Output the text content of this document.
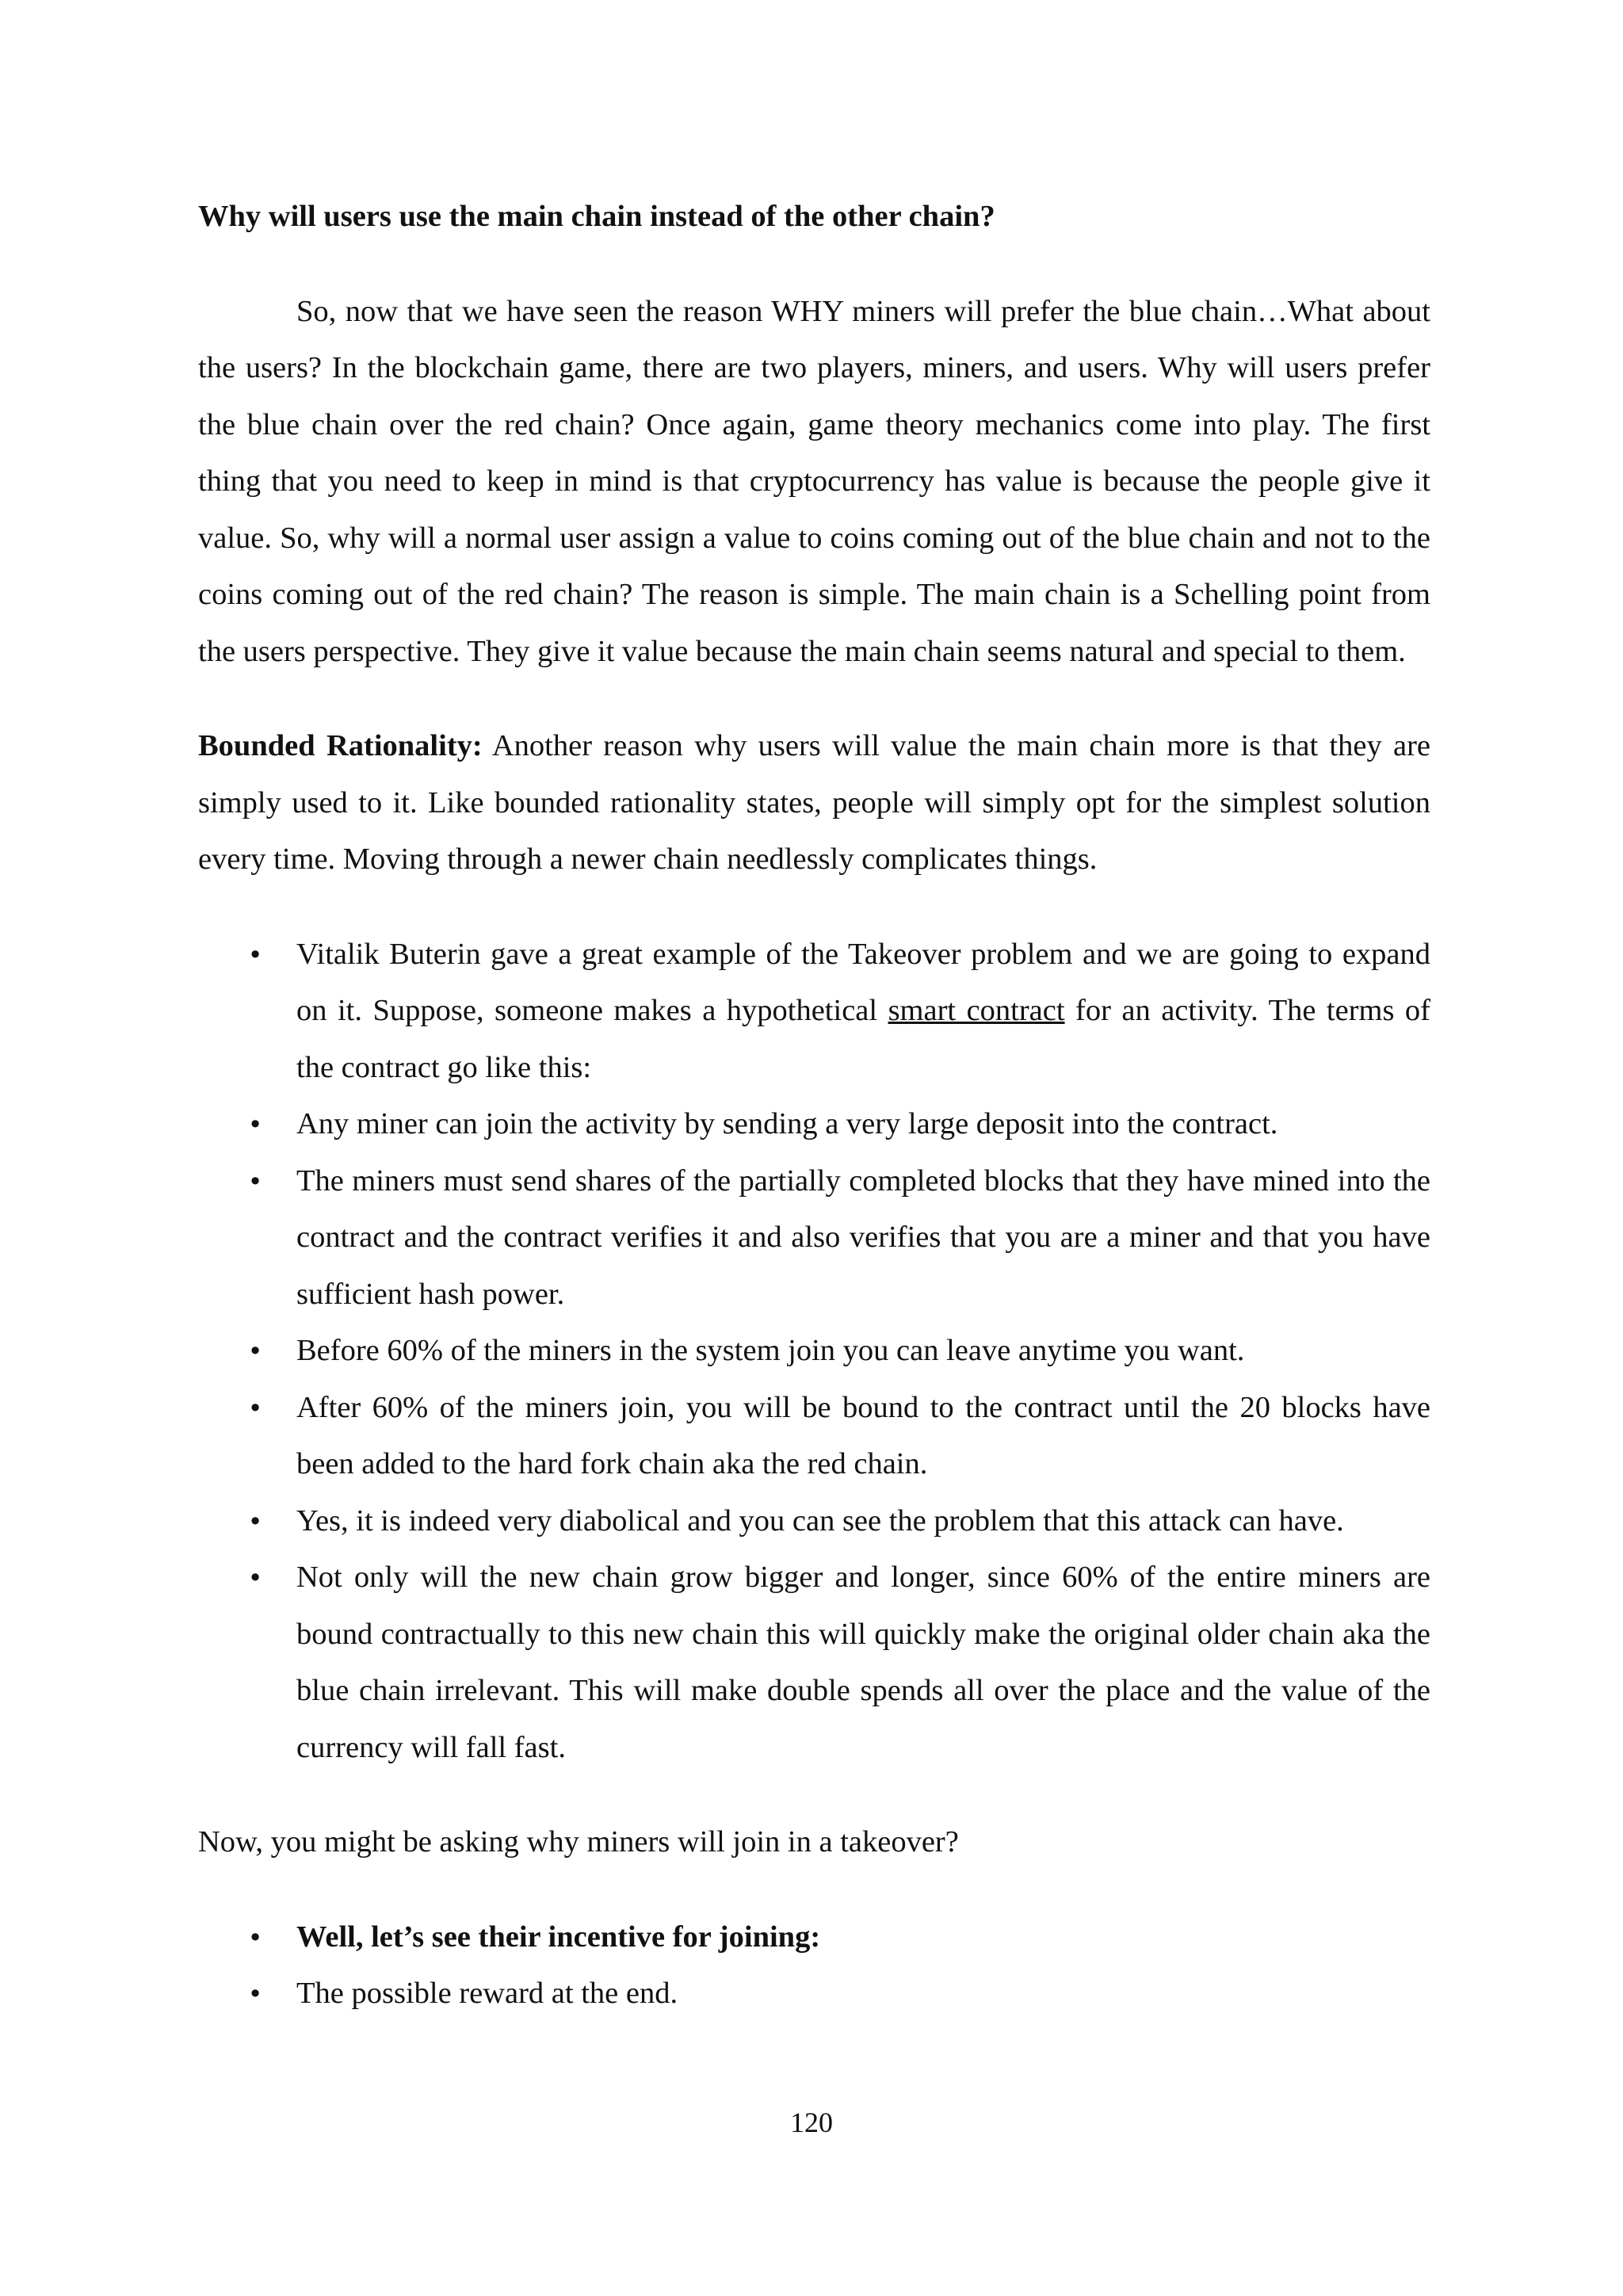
Why will users use the main chain instead of the other chain?

So, now that we have seen the reason WHY miners will prefer the blue chain…What about the users? In the blockchain game, there are two players, miners, and users. Why will users prefer the blue chain over the red chain? Once again, game theory mechanics come into play. The first thing that you need to keep in mind is that cryptocurrency has value is because the people give it value. So, why will a normal user assign a value to coins coming out of the blue chain and not to the coins coming out of the red chain? The reason is simple. The main chain is a Schelling point from the users perspective. They give it value because the main chain seems natural and special to them.

Bounded Rationality: Another reason why users will value the main chain more is that they are simply used to it. Like bounded rationality states, people will simply opt for the simplest solution every time. Moving through a newer chain needlessly complicates things.

•
Vitalik Buterin gave a great example of the Takeover problem and we are going to expand on it. Suppose, someone makes a hypothetical smart contract for an activity. The terms of the contract go like this:
•
Any miner can join the activity by sending a very large deposit into the contract.
•
The miners must send shares of the partially completed blocks that they have mined into the contract and the contract verifies it and also verifies that you are a miner and that you have sufficient hash power.
•
Before 60% of the miners in the system join you can leave anytime you want.
•
After 60% of the miners join, you will be bound to the contract until the 20 blocks have been added to the hard fork chain aka the red chain.
•
Yes, it is indeed very diabolical and you can see the problem that this attack can have.
•
Not only will the new chain grow bigger and longer, since 60% of the entire miners are bound contractually to this new chain this will quickly make the original older chain aka the blue chain irrelevant. This will make double spends all over the place and the value of the currency will fall fast.

Now, you might be asking why miners will join in a takeover?

•
Well, let’s see their incentive for joining:
•
The possible reward at the end.
120
